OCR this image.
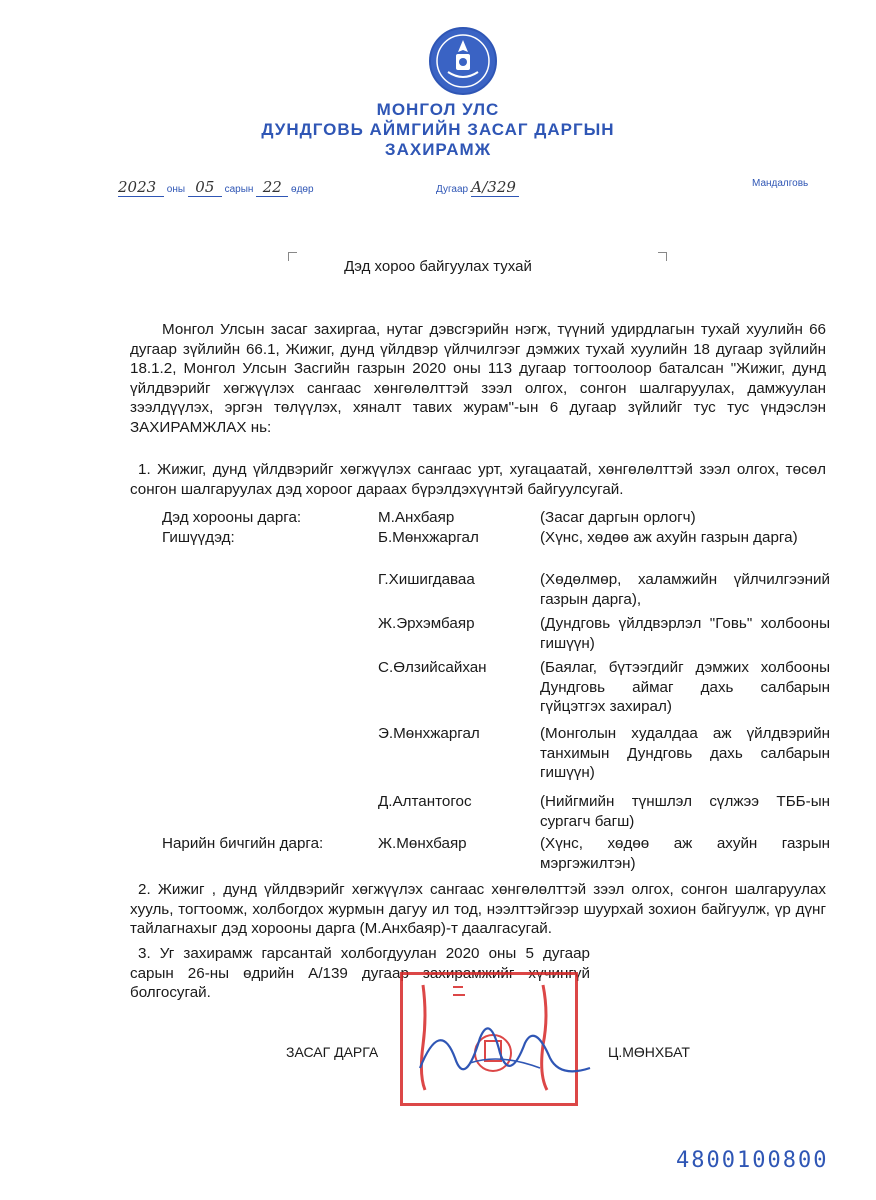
МОНГОЛ УЛС
ДУНДГОВЬ АЙМГИЙН ЗАСАГ ДАРГЫН
ЗАХИРАМЖ
2023 оны 05 сарын 22 өдөр	Дугаар А/329	Мандалговь
Дэд хороо байгуулах тухай
Монгол Улсын засаг захиргаа, нутаг дэвсгэрийн нэгж, түүний удирдлагын тухай хуулийн 66 дугаар зүйлийн 66.1, Жижиг, дунд үйлдвэр үйлчилгээг дэмжих тухай хуулийн 18 дугаар зүйлийн 18.1.2, Монгол Улсын Засгийн газрын 2020 оны 113 дугаар тогтоолоор баталсан "Жижиг, дунд үйлдвэрийг хөгжүүлэх сангаас хөнгөлөлттэй зээл олгох, сонгон шалгаруулах, дамжуулан зээлдүүлэх, эргэн төлүүлэх, хяналт тавих журам"-ын 6 дугаар зүйлийг тус тус үндэслэн ЗАХИРАМЖЛАХ нь:
1. Жижиг, дунд үйлдвэрийг хөгжүүлэх сангаас урт, хугацаатай, хөнгөлөлттэй зээл олгох, төсөл сонгон шалгаруулах дэд хороог дараах бүрэлдэхүүнтэй байгуулсугай.
Дэд хорооны дарга:	М.Анхбаяр	(Засаг даргын орлогч)
Гишүүдэд:	Б.Мөнхжаргал	(Хүнс, хөдөө аж ахуйн газрын дарга)
Г.Хишигдаваа	(Хөдөлмөр, халамжийн үйлчилгээний газрын дарга),
Ж.Эрхэмбаяр	(Дундговь үйлдвэрлэл "Говь" холбооны гишүүн)
С.Өлзийсайхан	(Баялаг, бүтээгдийг дэмжих холбооны Дундговь аймаг дахь салбарын гүйцэтгэх захирал)
Э.Мөнхжаргал	(Монголын худалдаа аж үйлдвэрийн танхимын Дундговь дахь салбарын гишүүн)
Д.Алтантогос	(Нийгмийн түншлэл сүлжээ ТББ-ын сургагч багш)
Нарийн бичгийн дарга:	Ж.Мөнхбаяр	(Хүнс, хөдөө аж ахуйн газрын мэргэжилтэн)
2. Жижиг , дунд үйлдвэрийг хөгжүүлэх сангаас хөнгөлөлттэй зээл олгох, сонгон шалгаруулах хууль, тогтоомж, холбогдох журмын дагуу ил тод, нээлттэйгээр шуурхай зохион байгуулж, үр дүнг тайлагнахыг дэд хорооны дарга (М.Анхбаяр)-т даалгасугай.
3. Уг захирамж гарсантай холбогдуулан 2020 оны 5 дугаар сарын 26-ны өдрийн А/139 дугаар захирамжийг хүчингүй болгосугай.
ЗАСАГ ДАРГА	Ц.МӨНХБАТ
4800100800
